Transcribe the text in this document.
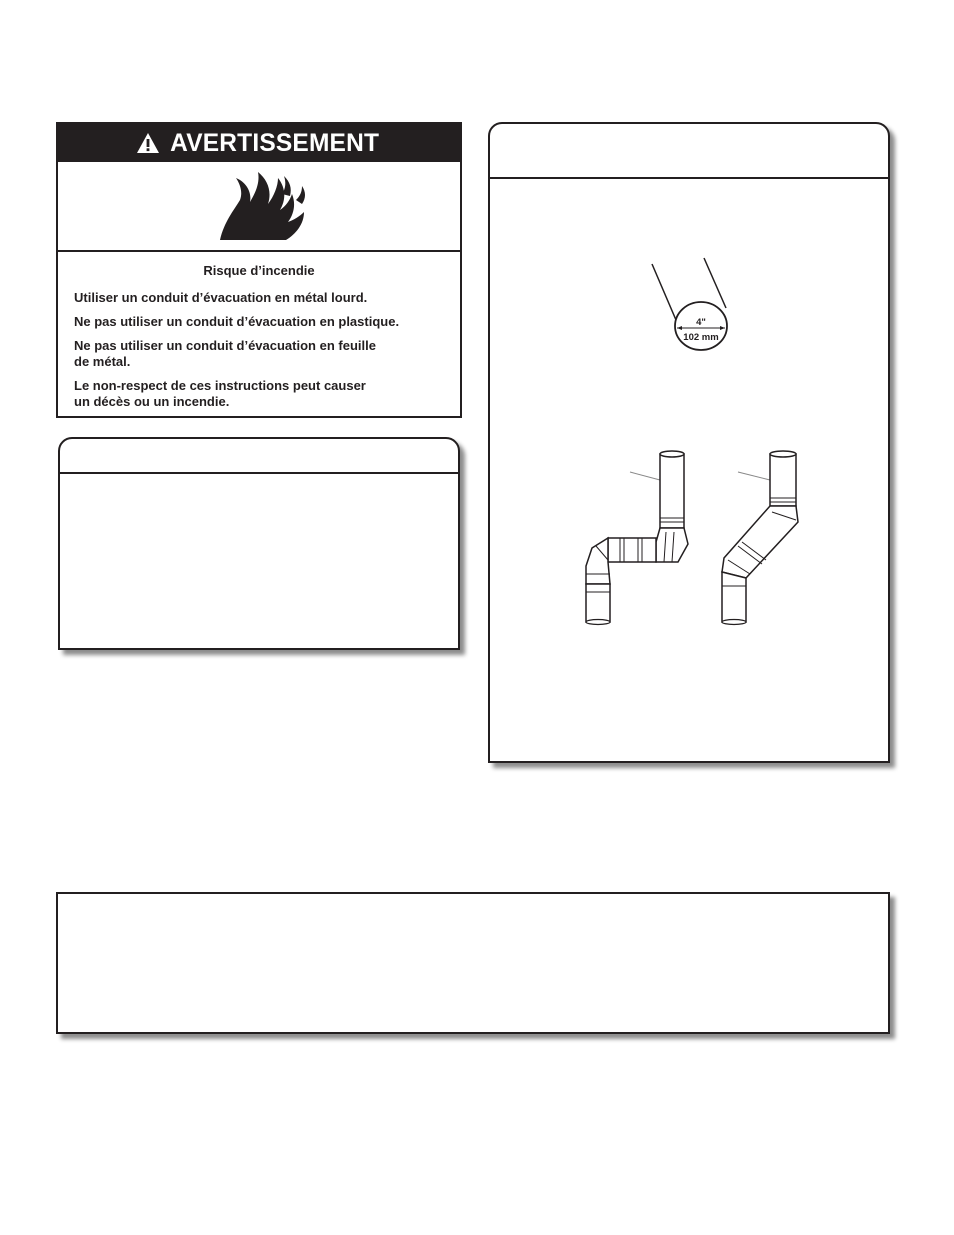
AVERTISSEMENT
Risque d’incendie
Utiliser un conduit d’évacuation en métal lourd.
Ne pas utiliser un conduit d’évacuation en plastique.
Ne pas utiliser un conduit d’évacuation en feuille
de métal.
Le non-respect de ces instructions peut causer
un décès ou un incendie.
4"
102 mm
